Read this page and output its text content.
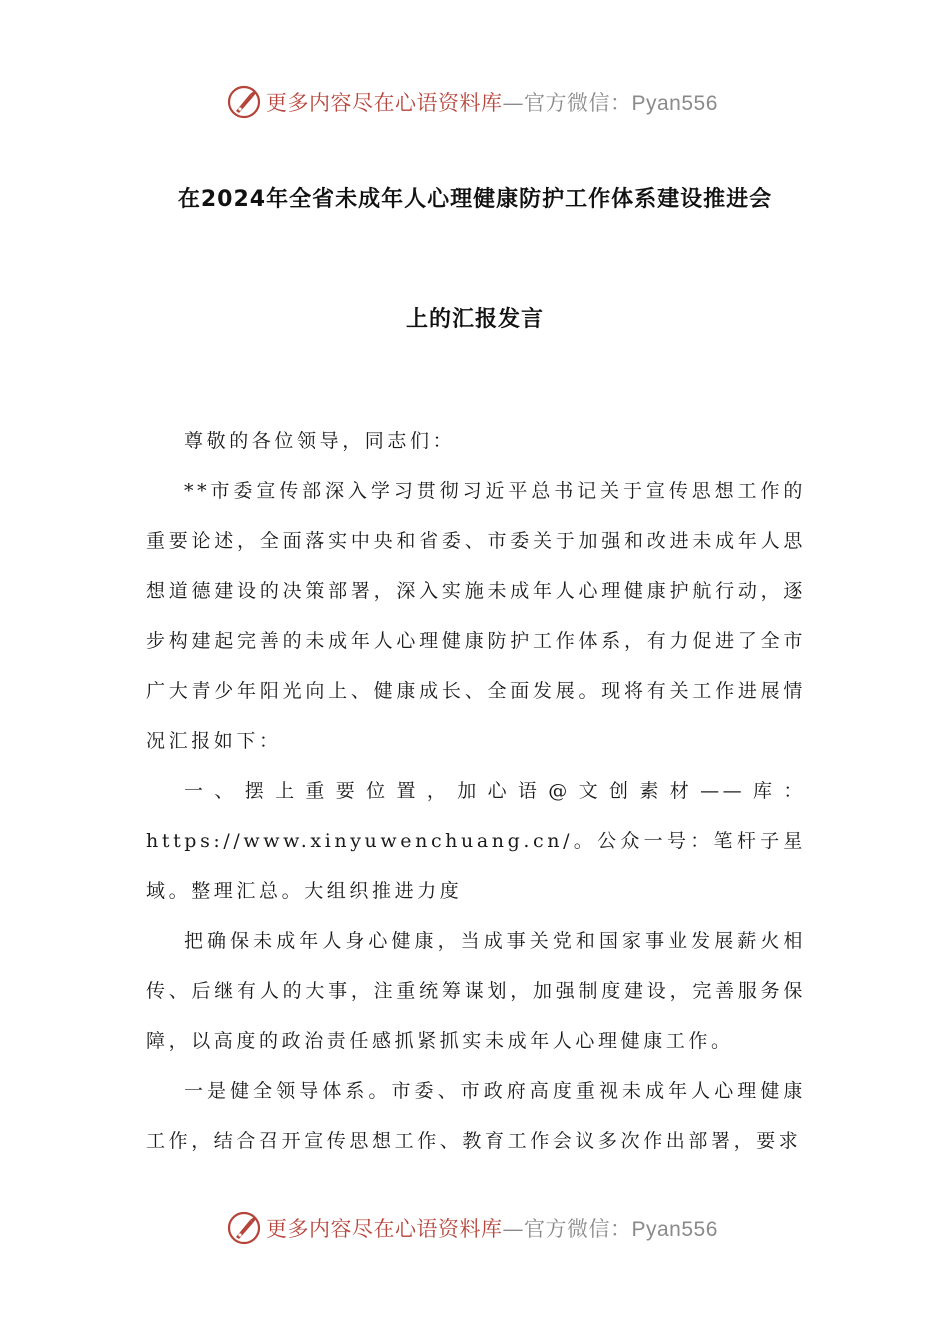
更多内容尽在心语资料库—官方微信：Pyan556
在2024年全省未成年人心理健康防护工作体系建设推进会
上的汇报发言

尊敬的各位领导，同志们：

**市委宣传部深入学习贯彻习近平总书记关于宣传思想工作的重要论述，全面落实中央和省委、市委关于加强和改进未成年人思想道德建设的决策部署，深入实施未成年人心理健康护航行动，逐步构建起完善的未成年人心理健康防护工作体系，有力促进了全市广大青少年阳光向上、健康成长、全面发展。现将有关工作进展情况汇报如下：

一、摆上重要位置，加心语@文创素材——库：https://www.xinyuwenchuang.cn/。公众一号：笔杆子星域。整理汇总。大组织推进力度

把确保未成年人身心健康，当成事关党和国家事业发展薪火相传、后继有人的大事，注重统筹谋划，加强制度建设，完善服务保障，以高度的政治责任感抓紧抓实未成年人心理健康工作。

一是健全领导体系。市委、市政府高度重视未成年人心理健康工作，结合召开宣传思想工作、教育工作会议多次作出部署，要求

更多内容尽在心语资料库—官方微信：Pyan556
